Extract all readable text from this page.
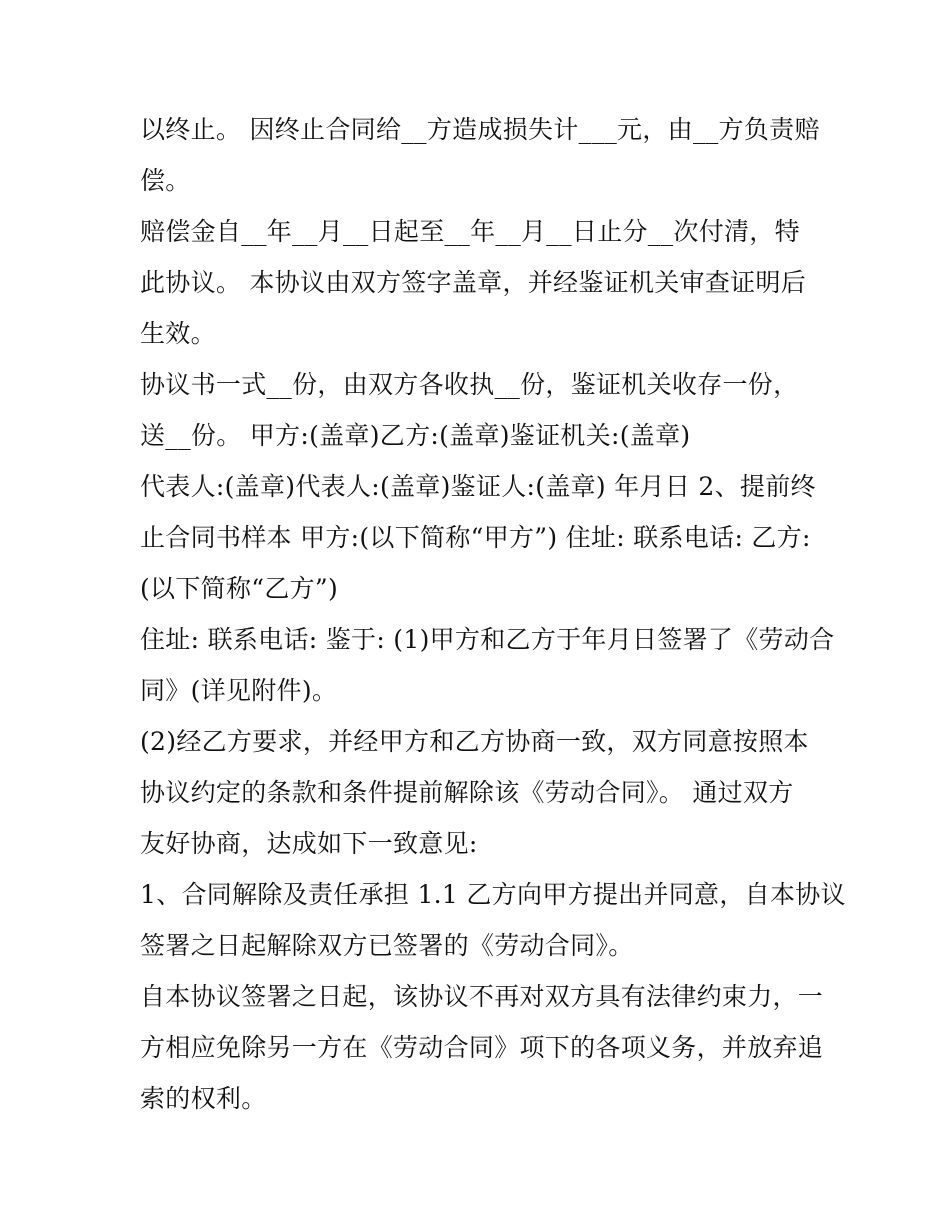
以终止。 因终止合同给__方造成损失计___元，由__方负责赔
偿。
赔偿金自__年__月__日起至__年__月__日止分__次付清，特
此协议。 本协议由双方签字盖章，并经鉴证机关审查证明后
生效。
协议书一式__份，由双方各收执__份，鉴证机关收存一份，
送__份。 甲方:(盖章)乙方:(盖章)鉴证机关:(盖章)
代表人:(盖章)代表人:(盖章)鉴证人:(盖章) 年月日 2、提前终
止合同书样本 甲方:(以下简称“甲方”) 住址: 联系电话: 乙方:
(以下简称“乙方”)
住址: 联系电话: 鉴于: (1)甲方和乙方于年月日签署了《劳动合
同》(详见附件)。
(2)经乙方要求，并经甲方和乙方协商一致，双方同意按照本
协议约定的条款和条件提前解除该《劳动合同》。 通过双方
友好协商，达成如下一致意见:
1、合同解除及责任承担 1.1 乙方向甲方提出并同意，自本协议
签署之日起解除双方已签署的《劳动合同》。
自本协议签署之日起，该协议不再对双方具有法律约束力，一
方相应免除另一方在《劳动合同》项下的各项义务，并放弃追
索的权利。
